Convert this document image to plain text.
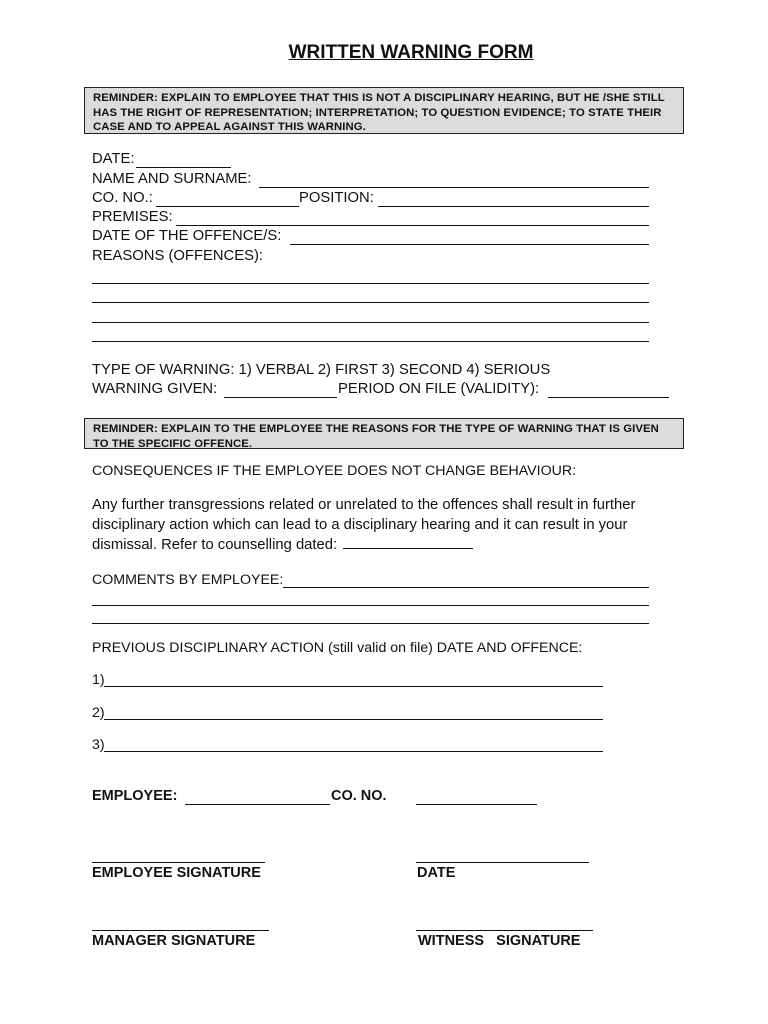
WRITTEN WARNING FORM
REMINDER: EXPLAIN TO EMPLOYEE THAT THIS IS NOT A DISCIPLINARY HEARING, BUT HE /SHE STILL HAS THE RIGHT OF REPRESENTATION; INTERPRETATION; TO QUESTION EVIDENCE; TO STATE THEIR CASE AND TO APPEAL AGAINST THIS WARNING.
DATE:
NAME AND SURNAME:
CO. NO.:	POSITION:
PREMISES:
DATE OF THE OFFENCE/S:
REASONS (OFFENCES):
TYPE OF WARNING: 1) VERBAL 2) FIRST 3) SECOND 4) SERIOUS
WARNING GIVEN:	PERIOD ON FILE (VALIDITY):
REMINDER: EXPLAIN TO THE EMPLOYEE THE REASONS FOR THE TYPE OF WARNING THAT IS GIVEN TO THE SPECIFIC OFFENCE.
CONSEQUENCES IF THE EMPLOYEE DOES NOT CHANGE BEHAVIOUR:
Any further transgressions related or unrelated to the offences shall result in further disciplinary action which can lead to a disciplinary hearing and it can result in your dismissal. Refer to counselling dated:
COMMENTS BY EMPLOYEE:
PREVIOUS DISCIPLINARY ACTION (still valid on file) DATE AND OFFENCE:
1)
2)
3)
EMPLOYEE:	CO. NO.
EMPLOYEE SIGNATURE	DATE
MANAGER SIGNATURE	WITNESS   SIGNATURE
